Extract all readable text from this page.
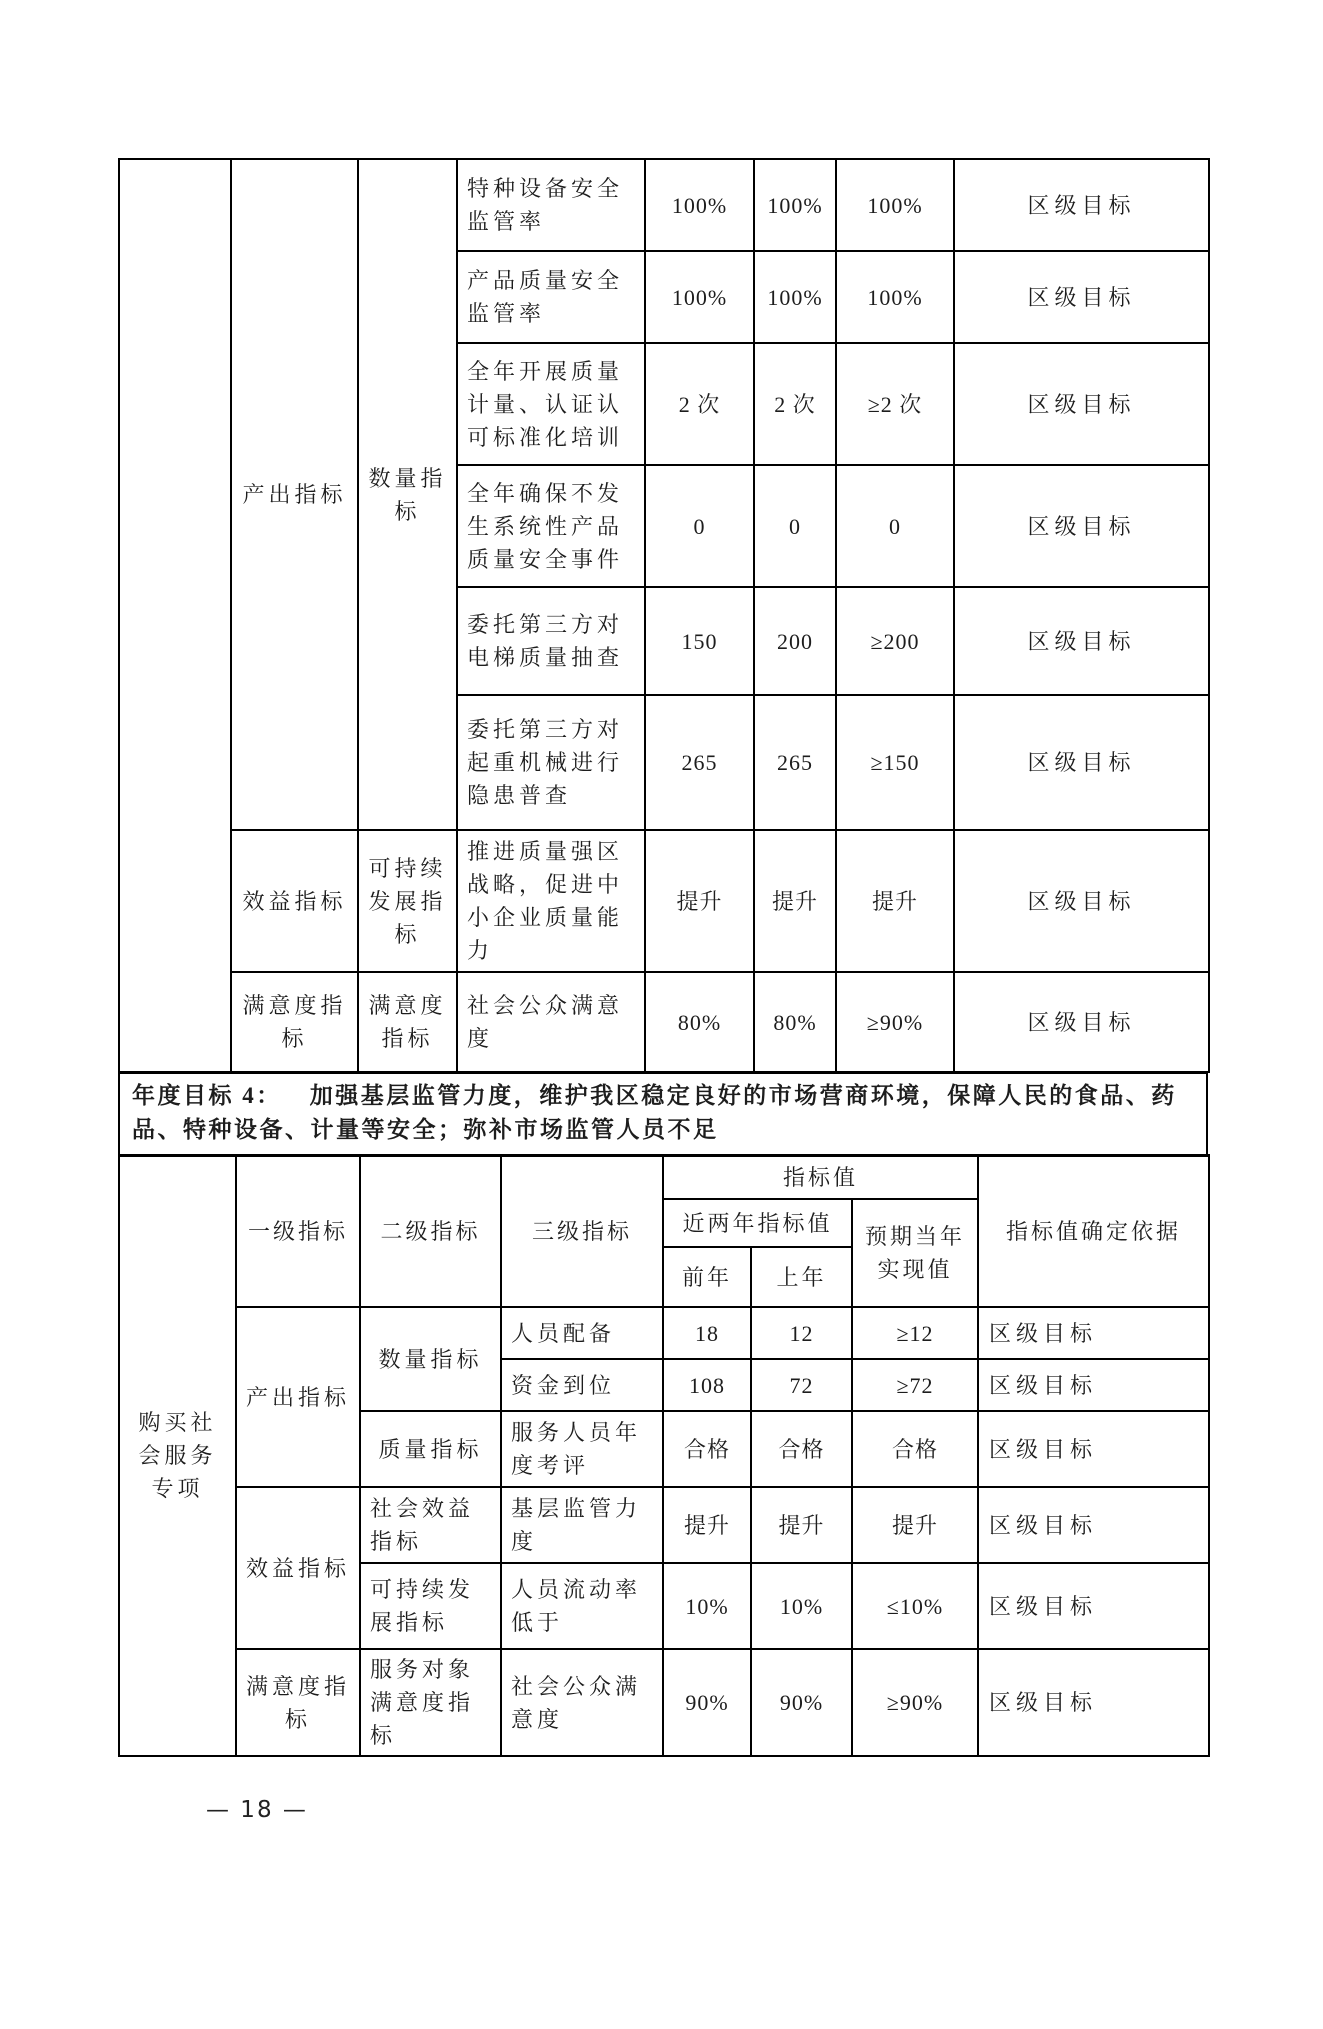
	产出指标	数量指标	特种设备安全监管率	100%	100%	100%	区级目标
			产品质量安全监管率	100%	100%	100%	区级目标
			全年开展质量计量、认证认可标准化培训	2 次	2 次	≥2 次	区级目标
			全年确保不发生系统性产品质量安全事件	0	0	0	区级目标
			委托第三方对电梯质量抽查	150	200	≥200	区级目标
			委托第三方对起重机械进行隐患普查	265	265	≥150	区级目标
	效益指标	可持续发展指标	推进质量强区战略，促进中小企业质量能力	提升	提升	提升	区级目标
	满意度指标	满意度指标	社会公众满意度	80%	80%	≥90%	区级目标
年度目标 4： 加强基层监管力度，维护我区稳定良好的市场营商环境，保障人民的食品、药品、特种设备、计量等安全；弥补市场监管人员不足
购买社会服务专项	一级指标	二级指标	三级指标	指标值			指标值确定依据
				近两年指标值		预期当年实现值	
				前年	上年		
	产出指标	数量指标	人员配备	18	12	≥12	区级目标
			资金到位	108	72	≥72	区级目标
		质量指标	服务人员年度考评	合格	合格	合格	区级目标
	效益指标	社会效益指标	基层监管力度	提升	提升	提升	区级目标
		可持续发展指标	人员流动率低于	10%	10%	≤10%	区级目标
	满意度指标	服务对象满意度指标	社会公众满意度	90%	90%	≥90%	区级目标
— 18 —
